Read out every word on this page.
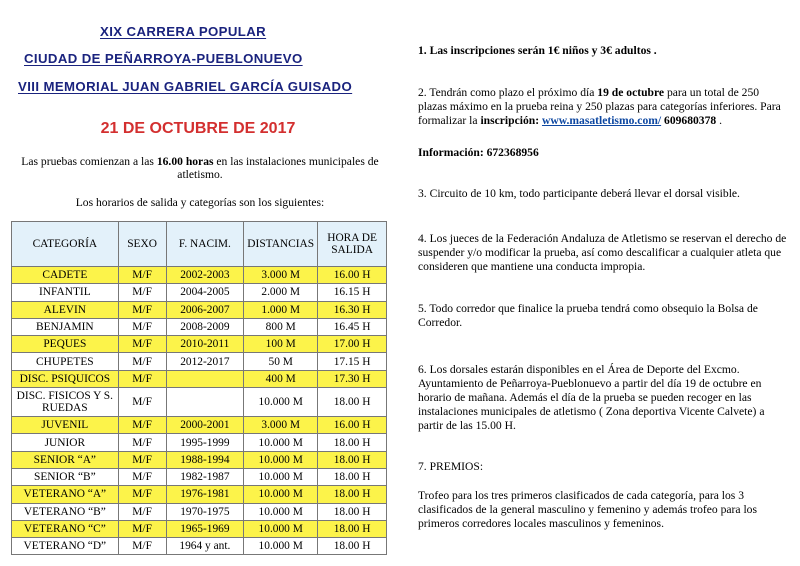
XIX CARRERA POPULAR
CIUDAD DE PEÑARROYA-PUEBLONUEVO
VIII MEMORIAL JUAN GABRIEL GARCÍA GUISADO
21 DE OCTUBRE DE 2017
Las pruebas comienzan a las 16.00 horas en las instalaciones municipales de atletismo.
Los horarios de salida y categorías son los siguientes:
CATEGORÍA	SEXO	F. NACIM.	DISTANCIAS	HORA DE SALIDA
CADETE	M/F	2002-2003	3.000 M	16.00 H
INFANTIL	M/F	2004-2005	2.000 M	16.15 H
ALEVIN	M/F	2006-2007	1.000 M	16.30 H
BENJAMIN	M/F	2008-2009	800 M	16.45 H
PEQUES	M/F	2010-2011	100 M	17.00 H
CHUPETES	M/F	2012-2017	50 M	17.15 H
DISC. PSIQUICOS	M/F		400 M	17.30 H
DISC. FISICOS Y S. RUEDAS	M/F		10.000 M	18.00 H
JUVENIL	M/F	2000-2001	3.000 M	16.00 H
JUNIOR	M/F	1995-1999	10.000 M	18.00 H
SENIOR “A”	M/F	1988-1994	10.000 M	18.00 H
SENIOR “B”	M/F	1982-1987	10.000 M	18.00 H
VETERANO “A”	M/F	1976-1981	10.000 M	18.00 H
VETERANO “B”	M/F	1970-1975	10.000 M	18.00 H
VETERANO “C”	M/F	1965-1969	10.000 M	18.00 H
VETERANO “D”	M/F	1964 y ant.	10.000 M	18.00 H
1. Las inscripciones serán 1€ niños y 3€ adultos .
2. Tendrán como plazo el próximo día 19 de octubre para un total de 250 plazas máximo en la prueba reina y 250 plazas para categorías inferiores. Para formalizar la inscripción: www.masatletismo.com/ 609680378 .
Información: 672368956
3. Circuito de 10 km, todo participante deberá llevar el dorsal visible.
4. Los jueces de la Federación Andaluza de Atletismo se reservan el derecho de suspender y/o modificar la prueba, así como descalificar a cualquier atleta que consideren que mantiene una conducta impropia.
5. Todo corredor que finalice la prueba tendrá como obsequio la Bolsa de Corredor.
6. Los dorsales estarán disponibles en el Área de Deporte del Excmo. Ayuntamiento de Peñarroya-Pueblonuevo a partir del día 19 de octubre en horario de mañana. Además el día de la prueba se pueden recoger en las instalaciones municipales de atletismo ( Zona deportiva Vicente Calvete) a partir de las 15.00 H.
7. PREMIOS:
Trofeo para los tres primeros clasificados de cada categoría, para los 3 clasificados de la general masculino y femenino y además trofeo para los primeros corredores locales masculinos y femeninos.
